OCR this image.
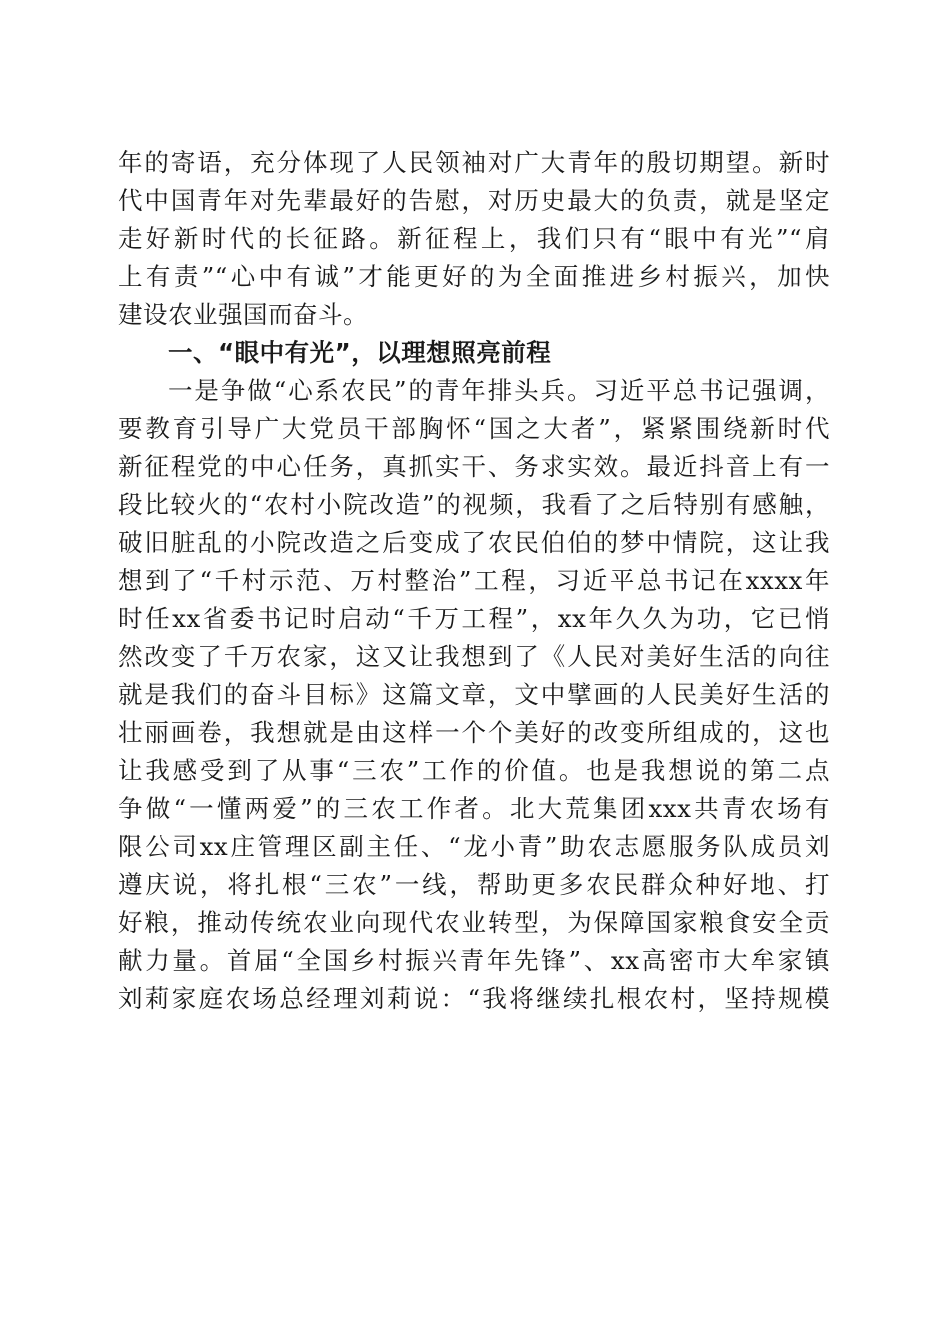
年的寄语，充分体现了人民领袖对广大青年的殷切期望。新时
代中国青年对先辈最好的告慰，对历史最大的负责，就是坚定
走好新时代的长征路。新征程上，我们只有“眼中有光”“肩
上有责”“心中有诚”才能更好的为全面推进乡村振兴，加快
建设农业强国而奋斗。
一、“眼中有光”，以理想照亮前程
一是争做“心系农民”的青年排头兵。习近平总书记强调，
要教育引导广大党员干部胸怀“国之大者”，紧紧围绕新时代
新征程党的中心任务，真抓实干、务求实效。最近抖音上有一
段比较火的“农村小院改造”的视频，我看了之后特别有感触，
破旧脏乱的小院改造之后变成了农民伯伯的梦中情院，这让我
想到了“千村示范、万村整治”工程，习近平总书记在xxxx年
时任xx省委书记时启动“千万工程”，xx年久久为功，它已悄
然改变了千万农家，这又让我想到了《人民对美好生活的向往
就是我们的奋斗目标》这篇文章，文中擘画的人民美好生活的
壮丽画卷，我想就是由这样一个个美好的改变所组成的，这也
让我感受到了从事“三农”工作的价值。也是我想说的第二点
争做“一懂两爱”的三农工作者。北大荒集团xxx共青农场有
限公司xx庄管理区副主任、“龙小青”助农志愿服务队成员刘
遵庆说，将扎根“三农”一线，帮助更多农民群众种好地、打
好粮，推动传统农业向现代农业转型，为保障国家粮食安全贡
献力量。首届“全国乡村振兴青年先锋”、xx高密市大牟家镇
刘莉家庭农场总经理刘莉说：“我将继续扎根农村，坚持规模
